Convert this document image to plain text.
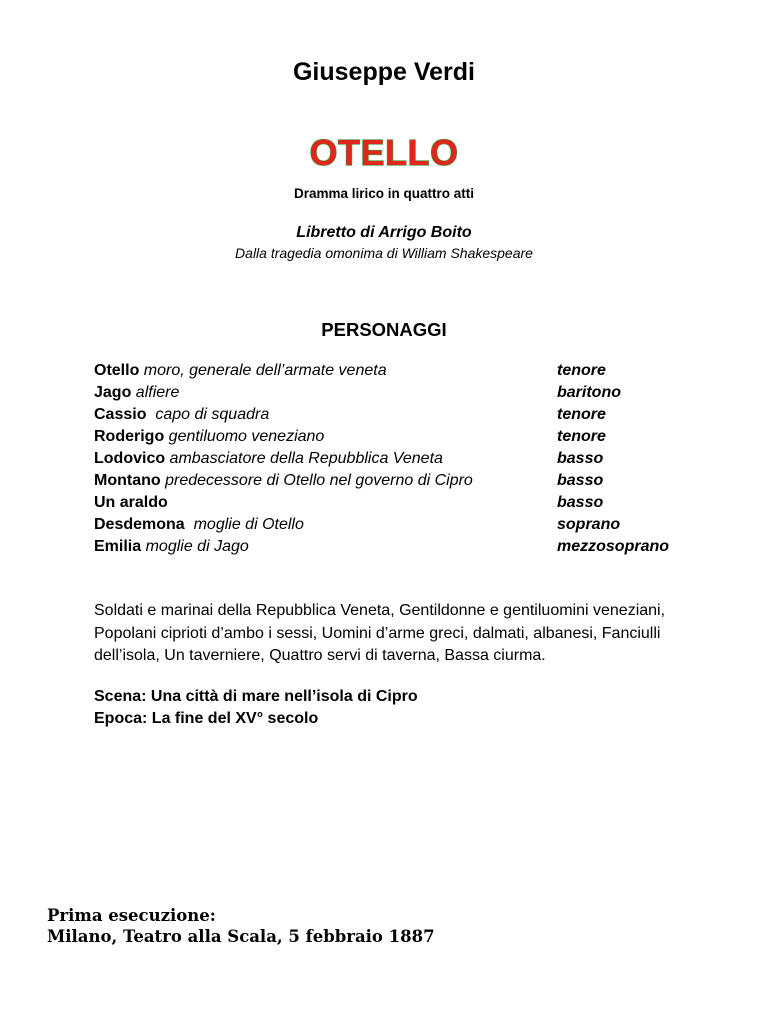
Giuseppe Verdi
OTELLO
Dramma lirico in quattro atti
Libretto di Arrigo Boito
Dalla tragedia omonima di William Shakespeare
PERSONAGGI
Otello moro, generale dell’armate veneta	tenore
Jago alfiere	baritono
Cassio  capo di squadra	tenore
Roderigo gentiluomo veneziano	tenore
Lodovico ambasciatore della Repubblica Veneta	basso
Montano predecessore di Otello nel governo di Cipro	basso
Un araldo	basso
Desdemona  moglie di Otello	soprano
Emilia moglie di Jago	mezzosoprano
Soldati e marinai della Repubblica Veneta, Gentildonne e gentiluomini veneziani, Popolani ciprioti d’ambo i sessi, Uomini d’arme greci, dalmati, albanesi, Fanciulli dell’isola, Un taverniere, Quattro servi di taverna, Bassa ciurma.
Scena: Una città di mare nell’isola di Cipro
Epoca: La fine del XV° secolo
Prima esecuzione:
Milano, Teatro alla Scala, 5 febbraio 1887
